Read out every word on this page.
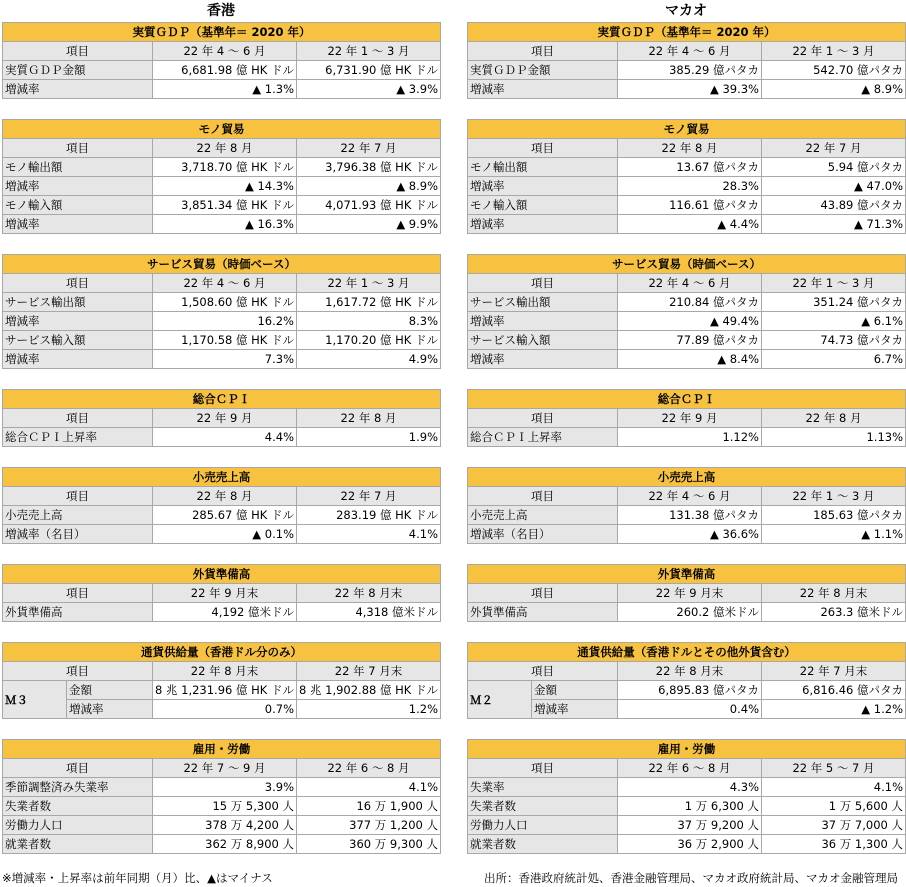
香港
実質ＧＤＰ（基準年＝ 2020 年）		
項目	22 年 4 〜 6 月	22 年 1 〜 3 月
実質ＧＤＰ金額	6,681.98 億 HK ドル	6,731.90 億 HK ドル
増減率	▲ 1.3%	▲ 3.9%
モノ貿易		
項目	22 年 8 月	22 年 7 月
モノ輸出額	3,718.70 億 HK ドル	3,796.38 億 HK ドル
増減率	▲ 14.3%	▲ 8.9%
モノ輸入額	3,851.34 億 HK ドル	4,071.93 億 HK ドル
増減率	▲ 16.3%	▲ 9.9%
サービス貿易（時価ベース）		
項目	22 年 4 〜 6 月	22 年 1 〜 3 月
サービス輸出額	1,508.60 億 HK ドル	1,617.72 億 HK ドル
増減率	16.2%	8.3%
サービス輸入額	1,170.58 億 HK ドル	1,170.20 億 HK ドル
増減率	7.3%	4.9%
総合ＣＰＩ		
項目	22 年 9 月	22 年 8 月
総合ＣＰＩ上昇率	4.4%	1.9%
小売売上高		
項目	22 年 8 月	22 年 7 月
小売売上高	285.67 億 HK ドル	283.19 億 HK ドル
増減率（名目）	▲ 0.1%	4.1%
外貨準備高		
項目	22 年 9 月末	22 年 8 月末
外貨準備高	4,192 億米ドル	4,318 億米ドル
通貨供給量（香港ドル分のみ）			
項目		22 年 8 月末	22 年 7 月末
Ｍ３	金額	8 兆 1,231.96 億 HK ドル	8 兆 1,902.88 億 HK ドル
	増減率	0.7%	1.2%
雇用・労働		
項目	22 年 7 〜 9 月	22 年 6 〜 8 月
季節調整済み失業率	3.9%	4.1%
失業者数	15 万 5,300 人	16 万 1,900 人
労働力人口	378 万 4,200 人	377 万 1,200 人
就業者数	362 万 8,900 人	360 万 9,300 人
マカオ
実質ＧＤＰ（基準年＝ 2020 年）		
項目	22 年 4 〜 6 月	22 年 1 〜 3 月
実質ＧＤＰ金額	385.29 億パタカ	542.70 億パタカ
増減率	▲ 39.3%	▲ 8.9%
モノ貿易		
項目	22 年 8 月	22 年 7 月
モノ輸出額	13.67 億パタカ	5.94 億パタカ
増減率	28.3%	▲ 47.0%
モノ輸入額	116.61 億パタカ	43.89 億パタカ
増減率	▲ 4.4%	▲ 71.3%
サービス貿易（時価ベース）		
項目	22 年 4 〜 6 月	22 年 1 〜 3 月
サービス輸出額	210.84 億パタカ	351.24 億パタカ
増減率	▲ 49.4%	▲ 6.1%
サービス輸入額	77.89 億パタカ	74.73 億パタカ
増減率	▲ 8.4%	6.7%
総合ＣＰＩ		
項目	22 年 9 月	22 年 8 月
総合ＣＰＩ上昇率	1.12%	1.13%
小売売上高		
項目	22 年 4 〜 6 月	22 年 1 〜 3 月
小売売上高	131.38 億パタカ	185.63 億パタカ
増減率（名目）	▲ 36.6%	▲ 1.1%
外貨準備高		
項目	22 年 9 月末	22 年 8 月末
外貨準備高	260.2 億米ドル	263.3 億米ドル
通貨供給量（香港ドルとその他外貨含む）			
項目		22 年 8 月末	22 年 7 月末
Ｍ２	金額	6,895.83 億パタカ	6,816.46 億パタカ
	増減率	0.4%	▲ 1.2%
雇用・労働		
項目	22 年 6 〜 8 月	22 年 5 〜 7 月
失業率	4.3%	4.1%
失業者数	1 万 6,300 人	1 万 5,600 人
労働力人口	37 万 9,200 人	37 万 7,000 人
就業者数	36 万 2,900 人	36 万 1,300 人
※増減率・上昇率は前年同期（月）比、▲はマイナス	出所：香港政府統計処、香港金融管理局、マカオ政府統計局、マカオ金融管理局
